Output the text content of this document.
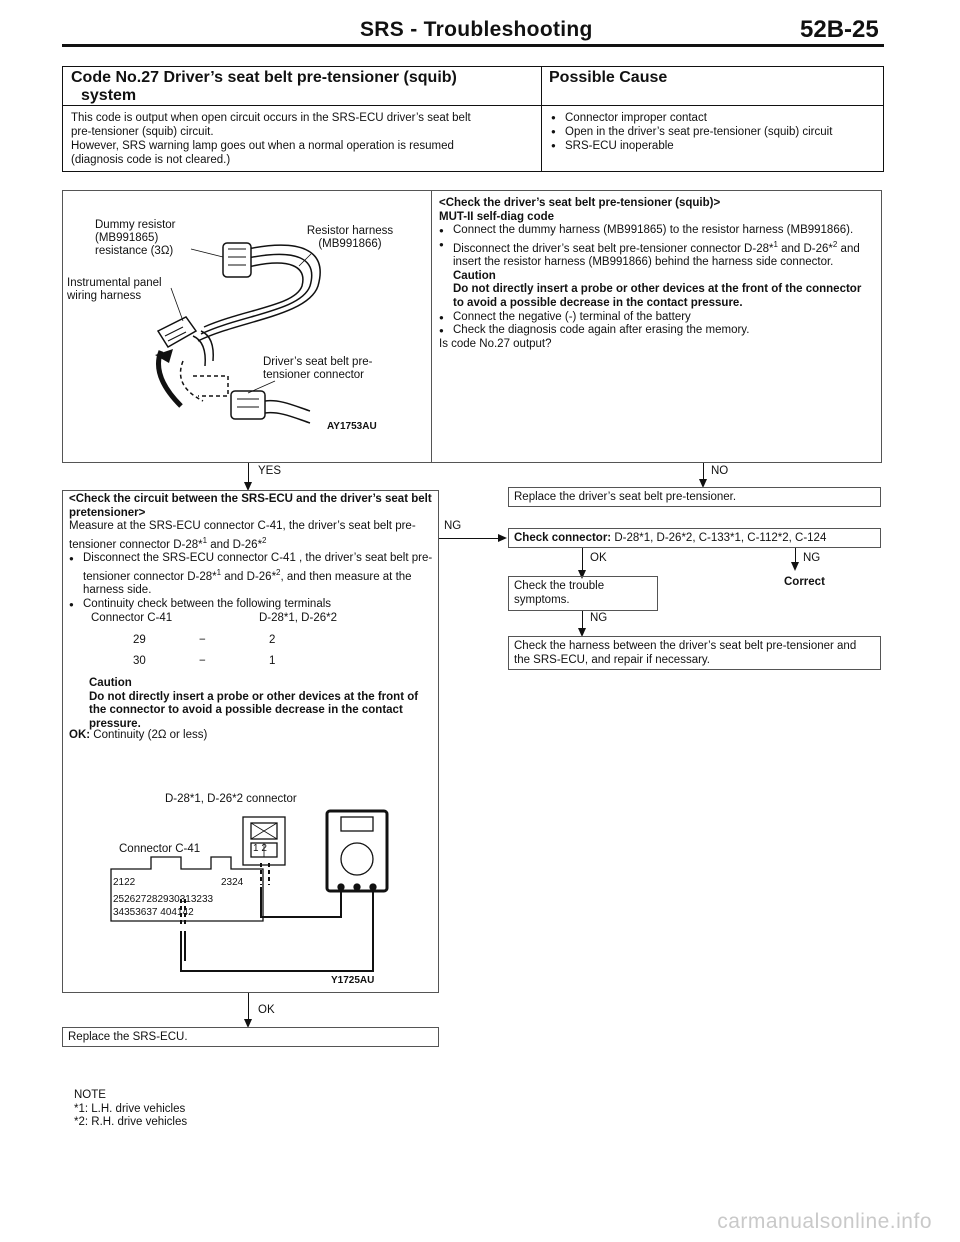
SRS - Troubleshooting	52B-25
Code No.27 Driver’s seat belt pre-tensioner (squib)
system
Possible Cause
This code is output when open circuit occurs in the SRS-ECU driver’s seat belt
pre-tensioner (squib) circuit.
However, SRS warning lamp goes out when a normal operation is resumed
(diagnosis code is not cleared.)
● Connector improper contact
● Open in the driver’s seat pre-tensioner (squib) circuit
● SRS-ECU inoperable
Dummy resistor (MB991865) resistance (3Ω)
Resistor harness (MB991866)
Instrumental panel wiring harness
Driver’s seat belt pre-tensioner connector
AY1753AU
<Check the driver’s seat belt pre-tensioner (squib)>
MUT-II self-diag code
● Connect the dummy harness (MB991865) to the resistor harness (MB991866).
● Disconnect the driver’s seat belt pre-tensioner connector D-28*$^1$ and D-26*$^2$ and insert the resistor harness (MB991866) behind the harness side connector.
Caution
Do not directly insert a probe or other devices at the front of the connector to avoid a possible decrease in the contact pressure.
● Connect the negative (-) terminal of the battery
● Check the diagnosis code again after erasing the memory.
Is code No.27 output?
YES	NO
Replace the driver’s seat belt pre-tensioner.
<Check the circuit between the SRS-ECU and the driver’s seat belt pretensioner>
Measure at the SRS-ECU connector C-41, the driver’s seat belt pre-tensioner connector D-28*$^1$ and D-26*$^2$
● Disconnect the SRS-ECU connector C-41 , the driver’s seat belt pre-tensioner connector D-28*$^1$ and D-26*$^2$, and then measure at the harness side.
● Continuity check between the following terminals
Connector C-41	D-28*1, D-26*2
29	−	2
30	−	1
Caution
Do not directly insert a probe or other devices at the front of the connector to avoid a possible decrease in the contact pressure.
OK: Continuity (2Ω or less)
D-28*1, D-26*2 connector
Connector C-41
2122	2324
252627282930313233
34353637 404142
1 2
Y1725AU
NG
Check connector: D-28*1, D-26*2, C-133*1, C-112*2, C-124
OK	NG
Correct
Check the trouble symptoms.
NG
Check the harness between the driver’s seat belt pre-tensioner and the SRS-ECU, and repair if necessary.
OK
Replace the SRS-ECU.
NOTE
*1: L.H. drive vehicles
*2: R.H. drive vehicles
carmanualsonline.info
